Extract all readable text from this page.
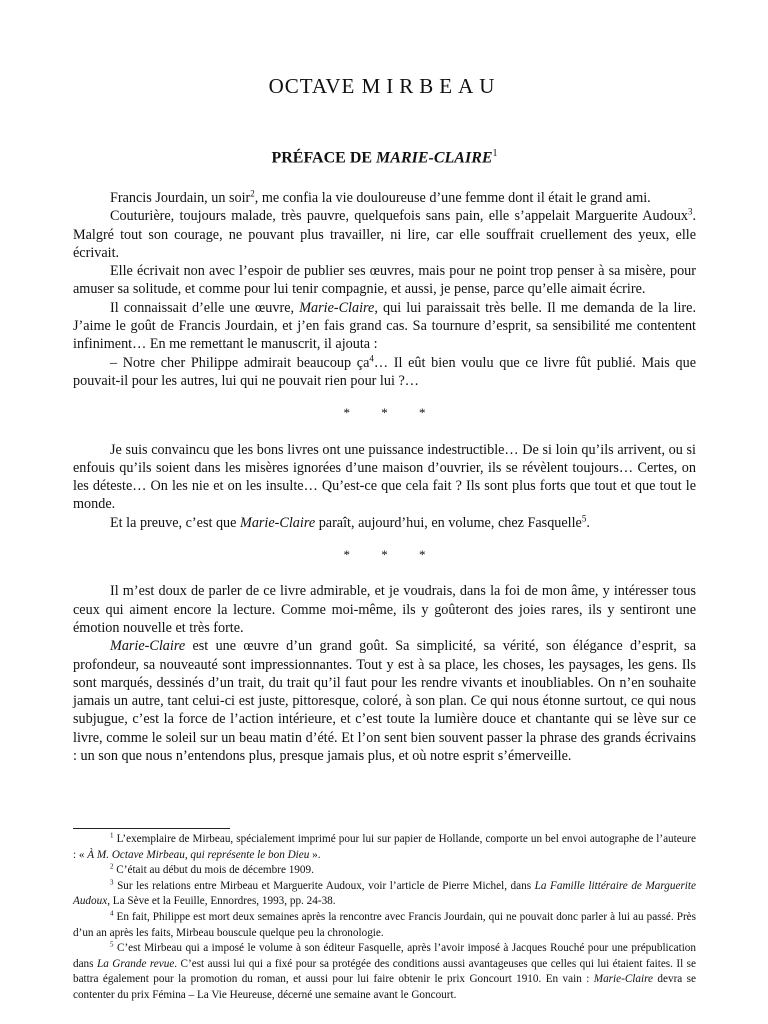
OCTAVE MIRBEAU
PRÉFACE DE MARIE-CLAIRE$^1$

Francis Jourdain, un soir$^2$, me confia la vie douloureuse d’une femme dont il était le grand ami.

Couturière, toujours malade, très pauvre, quelquefois sans pain, elle s’appelait Marguerite Audoux$^3$. Malgré tout son courage, ne pouvant plus travailler, ni lire, car elle souffrait cruellement des yeux, elle écrivait.

Elle écrivait non avec l’espoir de publier ses œuvres, mais pour ne point trop penser à sa misère, pour amuser sa solitude, et comme pour lui tenir compagnie, et aussi, je pense, parce qu’elle aimait écrire.

Il connaissait d’elle une œuvre, Marie-Claire, qui lui paraissait très belle. Il me demanda de la lire. J’aime le goût de Francis Jourdain, et j’en fais grand cas. Sa tournure d’esprit, sa sensibilité me contentent infiniment… En me remettant le manuscrit, il ajouta :

– Notre cher Philippe admirait beaucoup $ça^4\dots$ Il eût bien voulu que ce livre fût publié. Mais que pouvait-il pour les autres, lui qui ne pouvait rien pour lui ?…

* * *

Je suis convaincu que les bons livres ont une puissance indestructible… De si loin qu’ils arrivent, ou si enfouis qu’ils soient dans les misères ignorées d’une maison d’ouvrier, ils se révèlent toujours… Certes, on les déteste… On les nie et on les insulte… Qu’est-ce que cela fait ? Ils sont plus forts que tout et que tout le monde.

Et la preuve, c’est que Marie-Claire paraît, aujourd’hui, en volume, chez Fasquelle$^5$.

* * *

Il m’est doux de parler de ce livre admirable, et je voudrais, dans la foi de mon âme, y intéresser tous ceux qui aiment encore la lecture. Comme moi-même, ils y goûteront des joies rares, ils y sentiront une émotion nouvelle et très forte.

Marie-Claire est une œuvre d’un grand goût. Sa simplicité, sa vérité, son élégance d’esprit, sa profondeur, sa nouveauté sont impressionnantes. Tout y est à sa place, les choses, les paysages, les gens. Ils sont marqués, dessinés d’un trait, du trait qu’il faut pour les rendre vivants et inoubliables. On n’en souhaite jamais un autre, tant celui-ci est juste, pittoresque, coloré, à son plan. Ce qui nous étonne surtout, ce qui nous subjugue, c’est la force de l’action intérieure, et c’est toute la lumière douce et chantante qui se lève sur ce livre, comme le soleil sur un beau matin d’été. Et l’on sent bien souvent passer la phrase des grands écrivains : un son que nous n’entendons plus, presque jamais plus, et où notre esprit s’émerveille.

$^1$ L’exemplaire de Mirbeau, spécialement imprimé pour lui sur papier de Hollande, comporte un bel envoi autographe de l’auteure : « À M. Octave Mirbeau, qui représente le bon Dieu ».

$^2$ C’était au début du mois de décembre 1909.

$^3$ Sur les relations entre Mirbeau et Marguerite Audoux, voir l’article de Pierre Michel, dans La Famille littéraire de Marguerite Audoux, La Sève et la Feuille, Ennordres, 1993, pp. 24-38.

$^4$ En fait, Philippe est mort deux semaines après la rencontre avec Francis Jourdain, qui ne pouvait donc parler à lui au passé. Près d’un an après les faits, Mirbeau bouscule quelque peu la chronologie.

$^5$ C’est Mirbeau qui a imposé le volume à son éditeur Fasquelle, après l’avoir imposé à Jacques Rouché pour une prépublication dans La Grande revue. C’est aussi lui qui a fixé pour sa protégée des conditions aussi avantageuses que celles qui lui étaient faites. Il se battra également pour la promotion du roman, et aussi pour lui faire obtenir le prix Goncourt 1910. En vain : Marie-Claire devra se contenter du prix Fémina – La Vie Heureuse, décerné une semaine avant le Goncourt.
